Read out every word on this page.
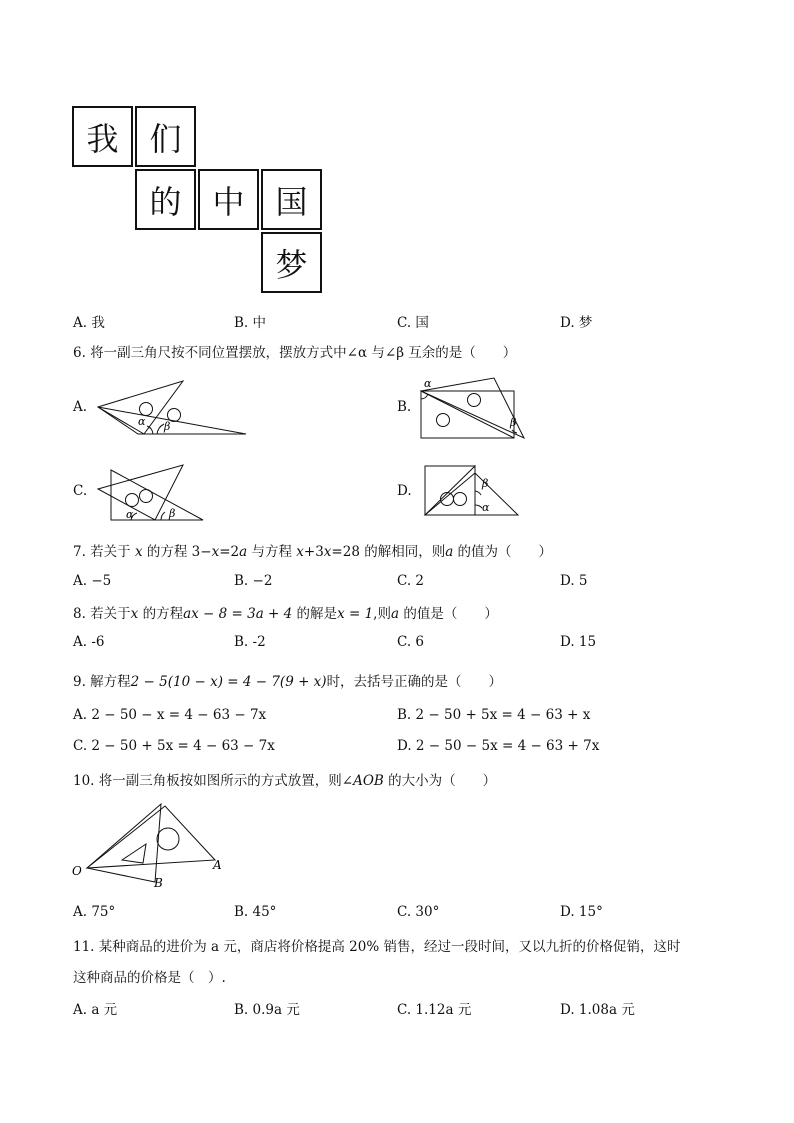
我 们
的 中 国
梦
A. 我	B. 中	C. 国	D. 梦
6. 将一副三角尺按不同位置摆放，摆放方式中∠α 与∠β 互余的是（　　）
A.
α β
B.
α
β
C.
α	β
D.	β
α
7. 若关于 x 的方程 3−x=2a 与方程 x+3x=28 的解相同，则a 的值为（　　）
A. −5	B. −2	C. 2	D. 5
8. 若关于x 的方程ax − 8 = 3a + 4 的解是x = 1,则a 的值是（　　）
A. -6	B. -2	C. 6	D. 15
9. 解方程2 − 5(10 − x) = 4 − 7(9 + x)时，去括号正确的是（　　）
A. 2 − 50 − x = 4 − 63 − 7x	B. 2 − 50 + 5x = 4 − 63 + x
C. 2 − 50 + 5x = 4 − 63 − 7x	D. 2 − 50 − 5x = 4 − 63 + 7x
10. 将一副三角板按如图所示的方式放置，则∠AOB 的大小为（　　）
O	A
B
A. 75°	B. 45°	C. 30°	D. 15°
11. 某种商品的进价为 a 元，商店将价格提高 20% 销售，经过一段时间，又以九折的价格促销，这时
这种商品的价格是（　）.
A. a 元	B. 0.9a 元	C. 1.12a 元	D. 1.08a 元
